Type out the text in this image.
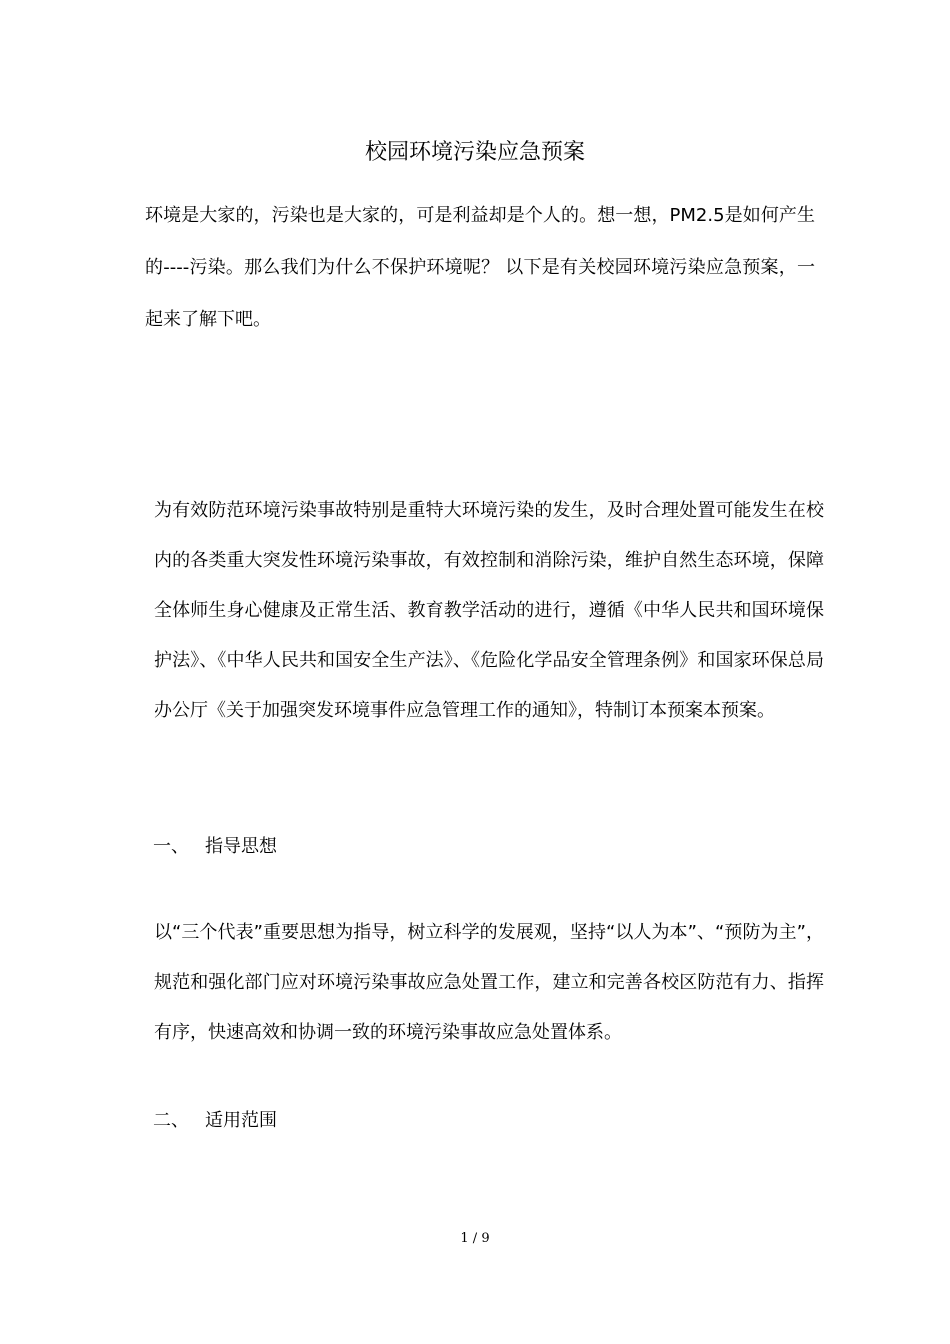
校园环境污染应急预案

环境是大家的，污染也是大家的，可是利益却是个人的。想一想，PM2.5是如何产生的----污染。那么我们为什么不保护环境呢？ 以下是有关校园环境污染应急预案，一起来了解下吧。

为有效防范环境污染事故特别是重特大环境污染的发生，及时合理处置可能发生在校内的各类重大突发性环境污染事故，有效控制和消除污染，维护自然生态环境，保障全体师生身心健康及正常生活、教育教学活动的进行，遵循《中华人民共和国环境保护法》、《中华人民共和国安全生产法》、《危险化学品安全管理条例》和国家环保总局办公厅《关于加强突发环境事件应急管理工作的通知》，特制订本预案本预案。

一、 指导思想

以“三个代表”重要思想为指导，树立科学的发展观，坚持“以人为本”、“预防为主”，规范和强化部门应对环境污染事故应急处置工作，建立和完善各校区防范有力、指挥有序，快速高效和协调一致的环境污染事故应急处置体系。

二、 适用范围

1 / 9
